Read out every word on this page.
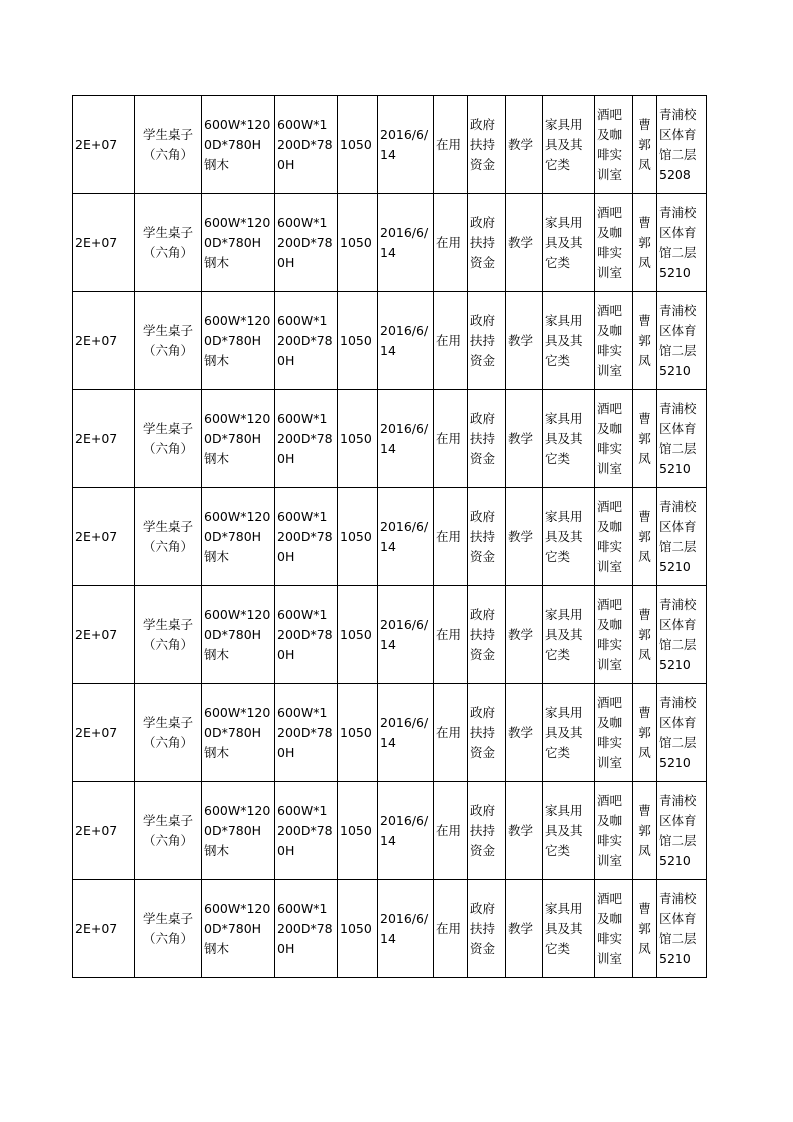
2E+07	学生桌子（六角）	600W*1200D*780H钢木	600W*1200D*780H	1050	2016/6/14	在用	政府扶持资金	教学	家具用具及其它类	酒吧及咖啡实训室	曹郭凤	青浦校区体育馆二层5208
2E+07	学生桌子（六角）	600W*1200D*780H钢木	600W*1200D*780H	1050	2016/6/14	在用	政府扶持资金	教学	家具用具及其它类	酒吧及咖啡实训室	曹郭凤	青浦校区体育馆二层5210
2E+07	学生桌子（六角）	600W*1200D*780H钢木	600W*1200D*780H	1050	2016/6/14	在用	政府扶持资金	教学	家具用具及其它类	酒吧及咖啡实训室	曹郭凤	青浦校区体育馆二层5210
2E+07	学生桌子（六角）	600W*1200D*780H钢木	600W*1200D*780H	1050	2016/6/14	在用	政府扶持资金	教学	家具用具及其它类	酒吧及咖啡实训室	曹郭凤	青浦校区体育馆二层5210
2E+07	学生桌子（六角）	600W*1200D*780H钢木	600W*1200D*780H	1050	2016/6/14	在用	政府扶持资金	教学	家具用具及其它类	酒吧及咖啡实训室	曹郭凤	青浦校区体育馆二层5210
2E+07	学生桌子（六角）	600W*1200D*780H钢木	600W*1200D*780H	1050	2016/6/14	在用	政府扶持资金	教学	家具用具及其它类	酒吧及咖啡实训室	曹郭凤	青浦校区体育馆二层5210
2E+07	学生桌子（六角）	600W*1200D*780H钢木	600W*1200D*780H	1050	2016/6/14	在用	政府扶持资金	教学	家具用具及其它类	酒吧及咖啡实训室	曹郭凤	青浦校区体育馆二层5210
2E+07	学生桌子（六角）	600W*1200D*780H钢木	600W*1200D*780H	1050	2016/6/14	在用	政府扶持资金	教学	家具用具及其它类	酒吧及咖啡实训室	曹郭凤	青浦校区体育馆二层5210
2E+07	学生桌子（六角）	600W*1200D*780H钢木	600W*1200D*780H	1050	2016/6/14	在用	政府扶持资金	教学	家具用具及其它类	酒吧及咖啡实训室	曹郭凤	青浦校区体育馆二层5210
